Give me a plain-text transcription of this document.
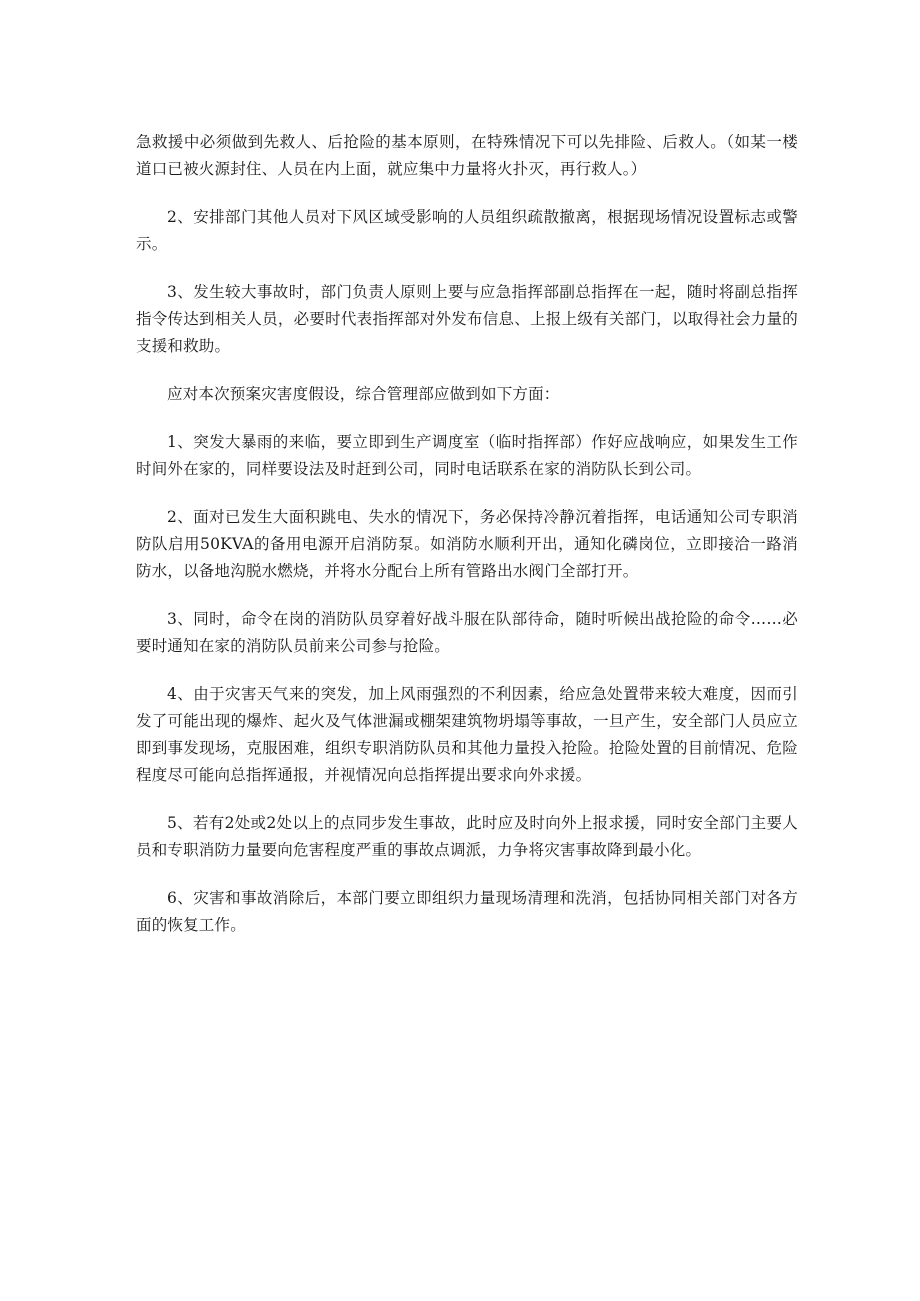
急救援中必须做到先救人、后抢险的基本原则，在特殊情况下可以先排险、后救人。（如某一楼道口已被火源封住、人员在内上面，就应集中力量将火扑灭，再行救人。）

2、安排部门其他人员对下风区域受影响的人员组织疏散撤离，根据现场情况设置标志或警示。

3、发生较大事故时，部门负责人原则上要与应急指挥部副总指挥在一起，随时将副总指挥指令传达到相关人员，必要时代表指挥部对外发布信息、上报上级有关部门，以取得社会力量的支援和救助。

应对本次预案灾害度假设，综合管理部应做到如下方面：

1、突发大暴雨的来临，要立即到生产调度室（临时指挥部）作好应战响应，如果发生工作时间外在家的，同样要设法及时赶到公司，同时电话联系在家的消防队长到公司。

2、面对已发生大面积跳电、失水的情况下，务必保持冷静沉着指挥，电话通知公司专职消防队启用50KVA的备用电源开启消防泵。如消防水顺利开出，通知化磷岗位，立即接洽一路消防水，以备地沟脱水燃烧，并将水分配台上所有管路出水阀门全部打开。

3、同时，命令在岗的消防队员穿着好战斗服在队部待命，随时听候出战抢险的命令……必要时通知在家的消防队员前来公司参与抢险。

4、由于灾害天气来的突发，加上风雨强烈的不利因素，给应急处置带来较大难度，因而引发了可能出现的爆炸、起火及气体泄漏或棚架建筑物坍塌等事故，一旦产生，安全部门人员应立即到事发现场，克服困难，组织专职消防队员和其他力量投入抢险。抢险处置的目前情况、危险程度尽可能向总指挥通报，并视情况向总指挥提出要求向外求援。

5、若有2处或2处以上的点同步发生事故，此时应及时向外上报求援，同时安全部门主要人员和专职消防力量要向危害程度严重的事故点调派，力争将灾害事故降到最小化。

6、灾害和事故消除后，本部门要立即组织力量现场清理和洗消，包括协同相关部门对各方面的恢复工作。
